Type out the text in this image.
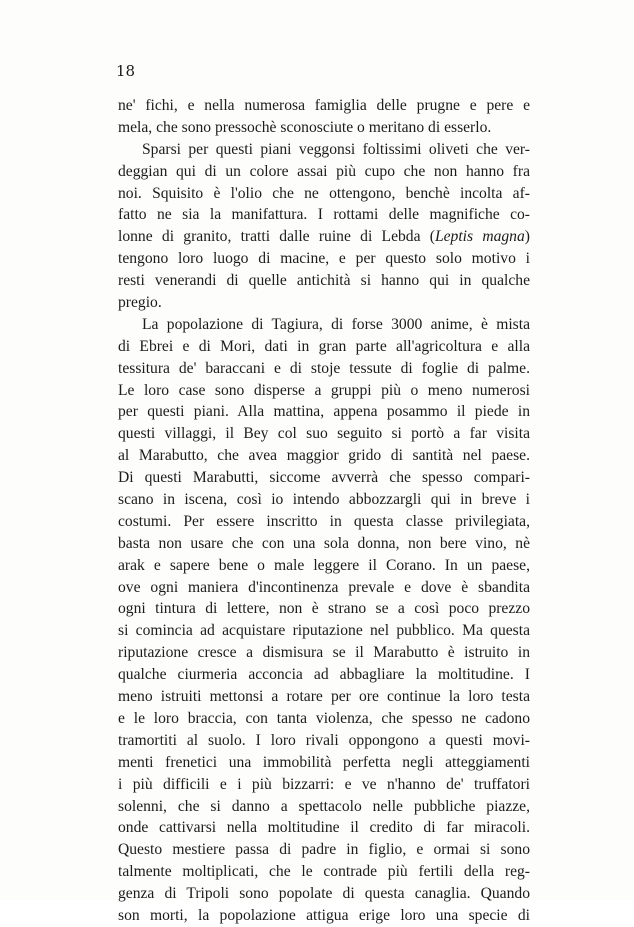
18

ne' fichi, e nella numerosa famiglia delle prugne e pere e
mela, che sono pressochè sconosciute o meritano di esserlo.
Sparsi per questi piani veggonsi foltissimi oliveti che ver-
deggian qui di un colore assai più cupo che non hanno fra
noi. Squisito è l'olio che ne ottengono, benchè incolta af-
fatto ne sia la manifattura. I rottami delle magnifiche co-
lonne di granito, tratti dalle ruine di Lebda (Leptis magna)
tengono loro luogo di macine, e per questo solo motivo i
resti venerandi di quelle antichità si hanno qui in qualche
pregio.
La popolazione di Tagiura, di forse 3000 anime, è mista
di Ebrei e di Mori, dati in gran parte all'agricoltura e alla
tessitura de' baraccani e di stoje tessute di foglie di palme.
Le loro case sono disperse a gruppi più o meno numerosi
per questi piani. Alla mattina, appena posammo il piede in
questi villaggi, il Bey col suo seguito si portò a far visita
al Marabutto, che avea maggior grido di santità nel paese.
Di questi Marabutti, siccome avverrà che spesso compari-
scano in iscena, così io intendo abbozzargli qui in breve i
costumi. Per essere inscritto in questa classe privilegiata,
basta non usare che con una sola donna, non bere vino, nè
arak e sapere bene o male leggere il Corano. In un paese,
ove ogni maniera d'incontinenza prevale e dove è sbandita
ogni tintura di lettere, non è strano se a così poco prezzo
si comincia ad acquistare riputazione nel pubblico. Ma questa
riputazione cresce a dismisura se il Marabutto è istruito in
qualche ciurmeria acconcia ad abbagliare la moltitudine. I
meno istruiti mettonsi a rotare per ore continue la loro testa
e le loro braccia, con tanta violenza, che spesso ne cadono
tramortiti al suolo. I loro rivali oppongono a questi movi-
menti frenetici una immobilità perfetta negli atteggiamenti
i più difficili e i più bizzarri: e ve n'hanno de' truffatori
solenni, che si danno a spettacolo nelle pubbliche piazze,
onde cattivarsi nella moltitudine il credito di far miracoli.
Questo mestiere passa di padre in figlio, e ormai si sono
talmente moltiplicati, che le contrade più fertili della reg-
genza di Tripoli sono popolate di questa canaglia. Quando
son morti, la popolazione attigua erige loro una specie di
